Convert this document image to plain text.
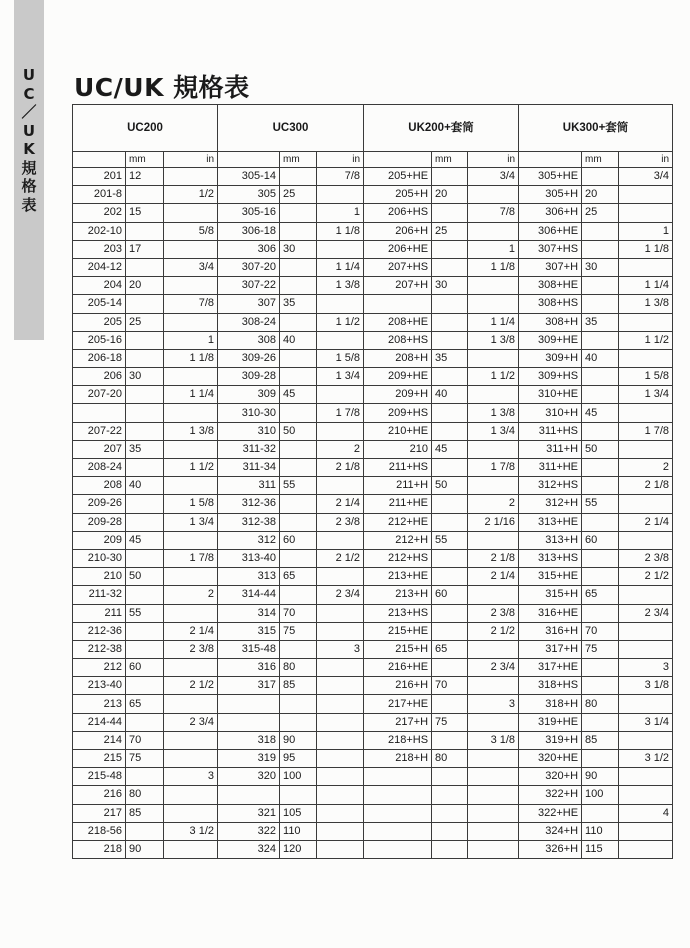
U
C
／
U
K
規
格
表
UC/UK 規格表
UC200			UC300			UK200+套筒			UK300+套筒		
	mm	in		mm	in		mm	in		mm	in
201	12		305-14		7/8	205+HE		3/4	305+HE		3/4
201-8		1/2	305	25		205+H	20		305+H	20	
202	15		305-16		1	206+HS		7/8	306+H	25	
202-10		5/8	306-18		1 1/8	206+H	25		306+HE		1
203	17		306	30		206+HE		1	307+HS		1 1/8
204-12		3/4	307-20		1 1/4	207+HS		1 1/8	307+H	30	
204	20		307-22		1 3/8	207+H	30		308+HE		1 1/4
205-14		7/8	307	35					308+HS		1 3/8
205	25		308-24		1 1/2	208+HE		1 1/4	308+H	35	
205-16		1	308	40		208+HS		1 3/8	309+HE		1 1/2
206-18		1 1/8	309-26		1 5/8	208+H	35		309+H	40	
206	30		309-28		1 3/4	209+HE		1 1/2	309+HS		1 5/8
207-20		1 1/4	309	45		209+H	40		310+HE		1 3/4
			310-30		1 7/8	209+HS		1 3/8	310+H	45	
207-22		1 3/8	310	50		210+HE		1 3/4	311+HS		1 7/8
207	35		311-32		2	210	45		311+H	50	
208-24		1 1/2	311-34		2 1/8	211+HS		1 7/8	311+HE		2
208	40		311	55		211+H	50		312+HS		2 1/8
209-26		1 5/8	312-36		2 1/4	211+HE		2	312+H	55	
209-28		1 3/4	312-38		2 3/8	212+HE		2 1/16	313+HE		2 1/4
209	45		312	60		212+H	55		313+H	60	
210-30		1 7/8	313-40		2 1/2	212+HS		2 1/8	313+HS		2 3/8
210	50		313	65		213+HE		2 1/4	315+HE		2 1/2
211-32		2	314-44		2 3/4	213+H	60		315+H	65	
211	55		314	70		213+HS		2 3/8	316+HE		2 3/4
212-36		2 1/4	315	75		215+HE		2 1/2	316+H	70	
212-38		2 3/8	315-48		3	215+H	65		317+H	75	
212	60		316	80		216+HE		2 3/4	317+HE		3
213-40		2 1/2	317	85		216+H	70		318+HS		3 1/8
213	65					217+HE		3	318+H	80	
214-44		2 3/4				217+H	75		319+HE		3 1/4
214	70		318	90		218+HS		3 1/8	319+H	85	
215	75		319	95		218+H	80		320+HE		3 1/2
215-48		3	320	100					320+H	90	
216	80								322+H	100	
217	85		321	105					322+HE		4
218-56		3 1/2	322	110					324+H	110	
218	90		324	120					326+H	115	
